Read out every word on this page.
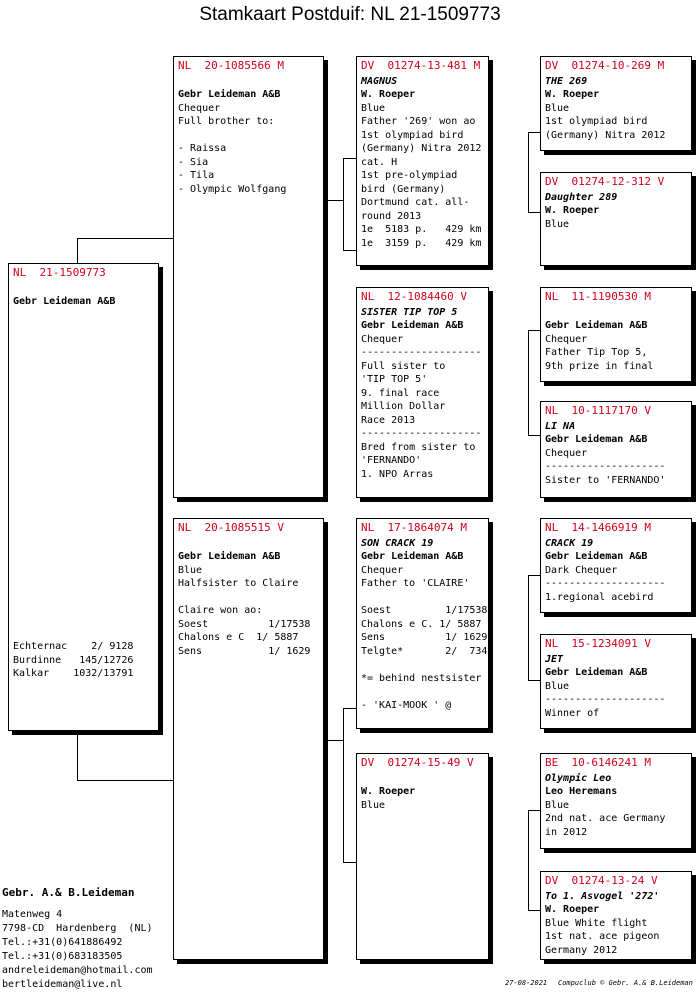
Stamkaart Postduif: NL 21-1509773
NL  21-1509773
Gebr Leideman A&B
Echternac    2/ 9128
Burdinne   145/12726
Kalkar    1032/13791
NL  20-1085566 M
Gebr Leideman A&B
Chequer
Full brother to:
- Raissa
- Sia
- Tila
- Olympic Wolfgang
NL  20-1085515 V
Gebr Leideman A&B
Blue
Halfsister to Claire
Claire won ao:
Soest          1/17538
Chalons e C  1/ 5887
Sens           1/ 1629
DV  01274-13-481 M
MAGNUS
W. Roeper
Blue
Father '269' won ao
1st olympiad bird
(Germany) Nitra 2012
cat. H
1st pre-olympiad
bird (Germany)
Dortmund cat. all-
round 2013
1e  5183 p.   429 km
1e  3159 p.   429 km
NL  12-1084460 V
SISTER TIP TOP 5
Gebr Leideman A&B
Chequer
--------------------
Full sister to
'TIP TOP 5'
9. final race
Million Dollar
Race 2013
--------------------
Bred from sister to
'FERNANDO'
1. NPO Arras
NL  17-1864074 M
SON CRACK 19
Gebr Leideman A&B
Chequer
Father to 'CLAIRE'
Soest         1/17538
Chalons e C. 1/ 5887
Sens          1/ 1629
Telgte*       2/  734
*= behind nestsister
- 'KAI-MOOK ' @
DV  01274-15-49 V
W. Roeper
Blue
DV  01274-10-269 M
THE 269
W. Roeper
Blue
1st olympiad bird
(Germany) Nitra 2012
DV  01274-12-312 V
Daughter 289
W. Roeper
Blue
NL  11-1190530 M
Gebr Leideman A&B
Chequer
Father Tip Top 5,
9th prize in final
NL  10-1117170 V
LI NA
Gebr Leideman A&B
Chequer
--------------------
Sister to 'FERNANDO'
NL  14-1466919 M
CRACK 19
Gebr Leideman A&B
Dark Chequer
--------------------
1.regional acebird
NL  15-1234091 V
JET
Gebr Leideman A&B
Blue
--------------------
Winner of
BE  10-6146241 M
Olympic Leo
Leo Heremans
Blue
2nd nat. ace Germany
in 2012
DV  01274-13-24 V
To 1. Asvogel '272'
W. Roeper
Blue White flight
1st nat. ace pigeon
Germany 2012
Gebr. A.& B.Leideman
Matenweg 4
7798-CD  Hardenberg  (NL)
Tel.:+31(0)641886492
Tel.:+31(0)683183505
andreleideman@hotmail.com
bertleideman@live.nl	27-08-2021 Compuclub © Gebr. A.& B.Leideman
